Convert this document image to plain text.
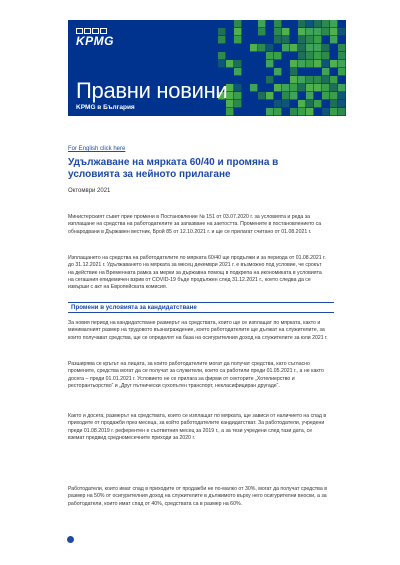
KPMG
Правни новини
KPMG в България
For English click here
Удължаване на мярката 60/40 и промяна в условията за нейното прилагане
Октомври 2021
Министерският съвет прие промени в Постановление № 151 от 03.07.2020 г. за условията и реда за изплащане на средства на работодателите за запазване на заетостта. Промените в постановлението са обнародвани в Държавен вестник, Брой 85 от 12.10.2021 г. и ще се прилагат считано от 01.08.2021 г.
Изплащането на средства на работодателите по мярката 60/40 ще продължи и за периода от 01.08.2021 г. до 31.12.2021 г. Удължаването на мярката за месец декември 2021 г. е възможно под условие, че срокът на действие на Временната рамка за мерки за държавна помощ в подкрепа на икономиката в условията на сегашния епидемичен взрив от COVID-19 бъде продължен след 31.12.2021 г., което следва да се извърши с акт на Европейската комисия.
Промени в условията за кандидатстване
За новия период на кандидатстване размерът на средствата, които ще се изплащат по мярката, както и минималният размер на трудовото възнаграждение, което работодателите ще дължат на служителите, за които получават средства, ще се определят на база на осигурителния доход на служителите за юли 2021 г.
Разширява се кръгът на лицата, за които работодателите могат да получат средства, като съгласно промените, средства могат да се получат за служители, които са работили преди 01.05.2021 г., а не както досега – преди 01.01.2021 г. Условието не се прилага за фирми от секторите „Хотелиерство и ресторантьорство“ и „Друг пътнически сухопътен транспорт, некласифициран другаде“.
Както и досега, размерът на средствата, които се изплащат по мярката, ще зависи от наличието на спад в приходите от продажби през месеца, за който работодателите кандидатстват. За работодатели, учредени преди 01.08.2019 г. референтен е съответния месец за 2019 г., а за тези учредени след тази дата, се вземат предвид средномесечните приходи за 2020 г.
Работодатели, които имат спад в приходите от продажби не по-малко от 30%, могат да получат средства в размер на 50% от осигурителния доход на служителите в дължимото върху него осигурителни вноски, а за работодатели, които имат спад от 40%, средствата са в размер на 60%.
